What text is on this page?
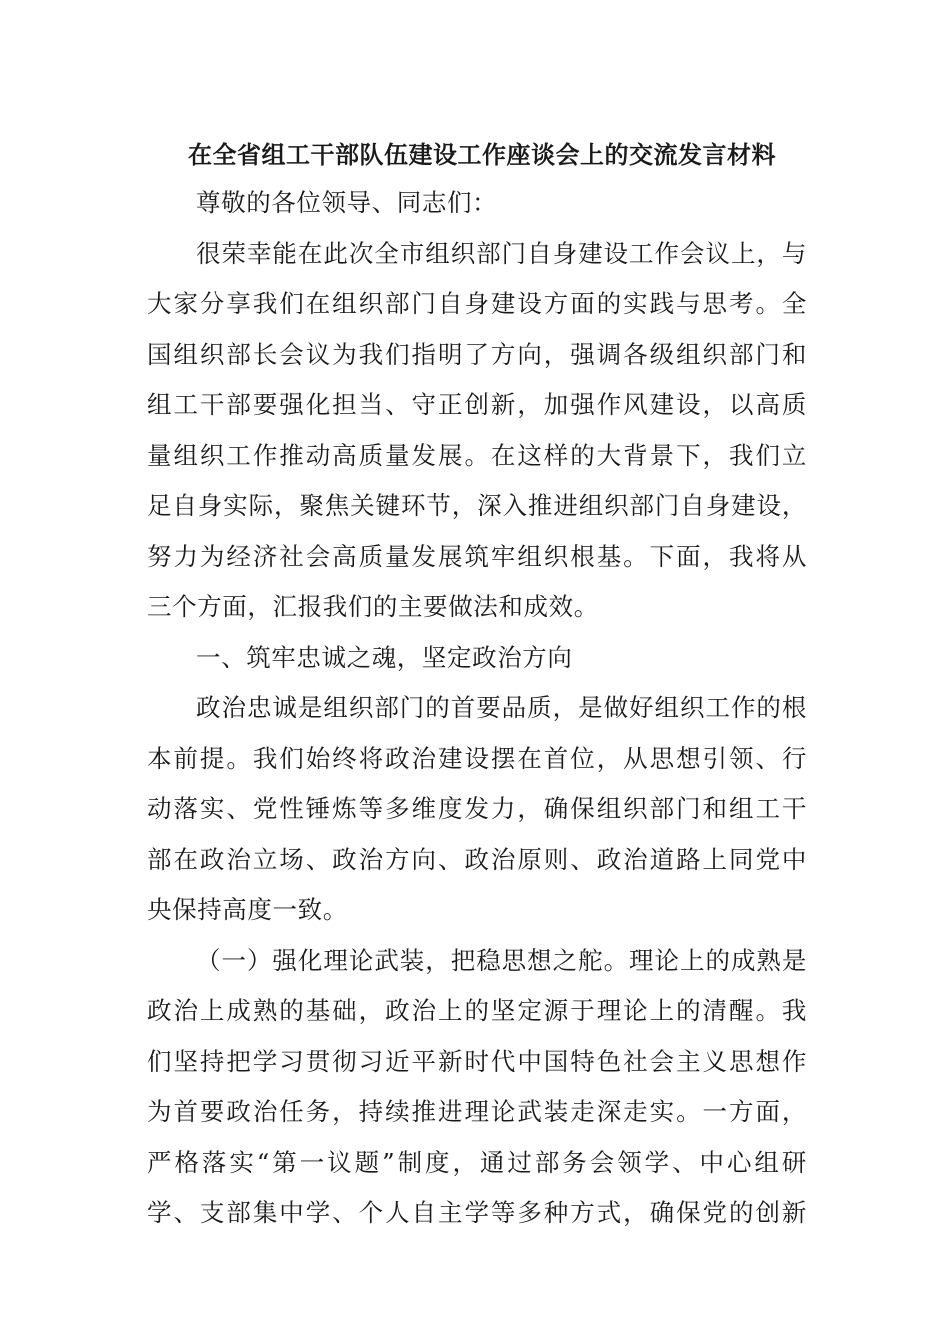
在全省组工干部队伍建设工作座谈会上的交流发言材料
尊敬的各位领导、同志们：
很荣幸能在此次全市组织部门自身建设工作会议上，与
大家分享我们在组织部门自身建设方面的实践与思考。全
国组织部长会议为我们指明了方向，强调各级组织部门和
组工干部要强化担当、守正创新，加强作风建设，以高质
量组织工作推动高质量发展。在这样的大背景下，我们立
足自身实际，聚焦关键环节，深入推进组织部门自身建设，
努力为经济社会高质量发展筑牢组织根基。下面，我将从
三个方面，汇报我们的主要做法和成效。
一、筑牢忠诚之魂，坚定政治方向
政治忠诚是组织部门的首要品质，是做好组织工作的根
本前提。我们始终将政治建设摆在首位，从思想引领、行
动落实、党性锤炼等多维度发力，确保组织部门和组工干
部在政治立场、政治方向、政治原则、政治道路上同党中
央保持高度一致。
（一）强化理论武装，把稳思想之舵。理论上的成熟是
政治上成熟的基础，政治上的坚定源于理论上的清醒。我
们坚持把学习贯彻习近平新时代中国特色社会主义思想作
为首要政治任务，持续推进理论武装走深走实。一方面，
严格落实“第一议题”制度，通过部务会领学、中心组研
学、支部集中学、个人自主学等多种方式，确保党的创新
